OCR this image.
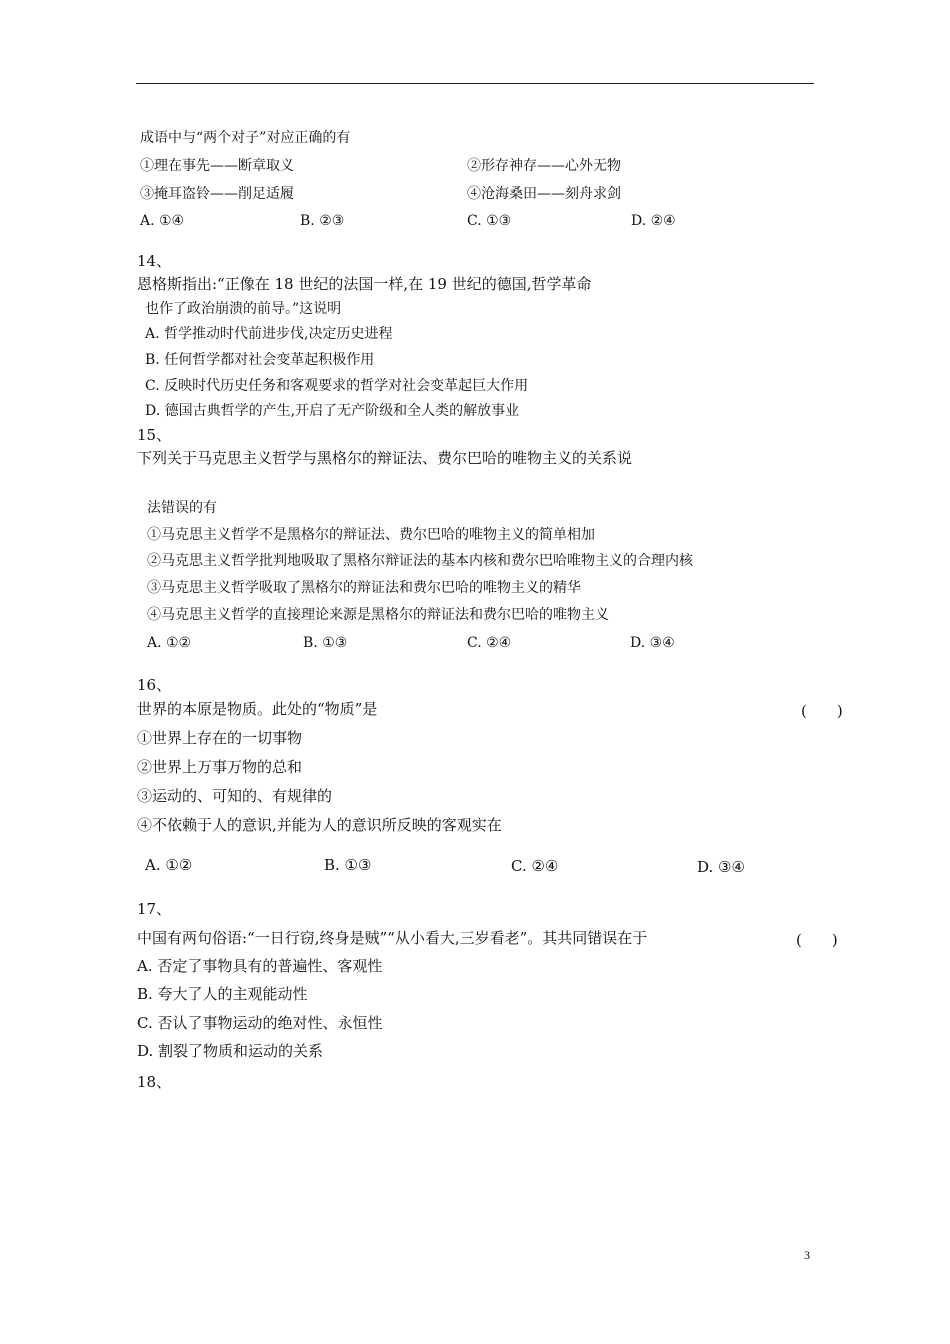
成语中与“两个对子”对应正确的有
①理在事先——断章取义	②形存神存——心外无物
③掩耳盗铃——削足适履	④沧海桑田——刻舟求剑
A. ①④	B. ②③	C. ①③	D. ②④
14、
恩格斯指出:“正像在 18 世纪的法国一样,在 19 世纪的德国,哲学革命
也作了政治崩溃的前导。”这说明
A. 哲学推动时代前进步伐,决定历史进程
B. 任何哲学都对社会变革起积极作用
C. 反映时代历史任务和客观要求的哲学对社会变革起巨大作用
D. 德国古典哲学的产生,开启了无产阶级和全人类的解放事业
15、
下列关于马克思主义哲学与黑格尔的辩证法、费尔巴哈的唯物主义的关系说
法错误的有
①马克思主义哲学不是黑格尔的辩证法、费尔巴哈的唯物主义的简单相加
②马克思主义哲学批判地吸取了黑格尔辩证法的基本内核和费尔巴哈唯物主义的合理内核
③马克思主义哲学吸取了黑格尔的辩证法和费尔巴哈的唯物主义的精华
④马克思主义哲学的直接理论来源是黑格尔的辩证法和费尔巴哈的唯物主义
A. ①②	B. ①③	C. ②④	D. ③④
16、
世界的本原是物质。此处的“物质”是	(　　)
①世界上存在的一切事物
②世界上万事万物的总和
③运动的、可知的、有规律的
④不依赖于人的意识,并能为人的意识所反映的客观实在
A. ①②	B. ①③	C. ②④	D. ③④
17、
中国有两句俗语:“一日行窃,终身是贼”“从小看大,三岁看老”。其共同错误在于	(　　)
A. 否定了事物具有的普遍性、客观性
B. 夸大了人的主观能动性
C. 否认了事物运动的绝对性、永恒性
D. 割裂了物质和运动的关系
18、
3
